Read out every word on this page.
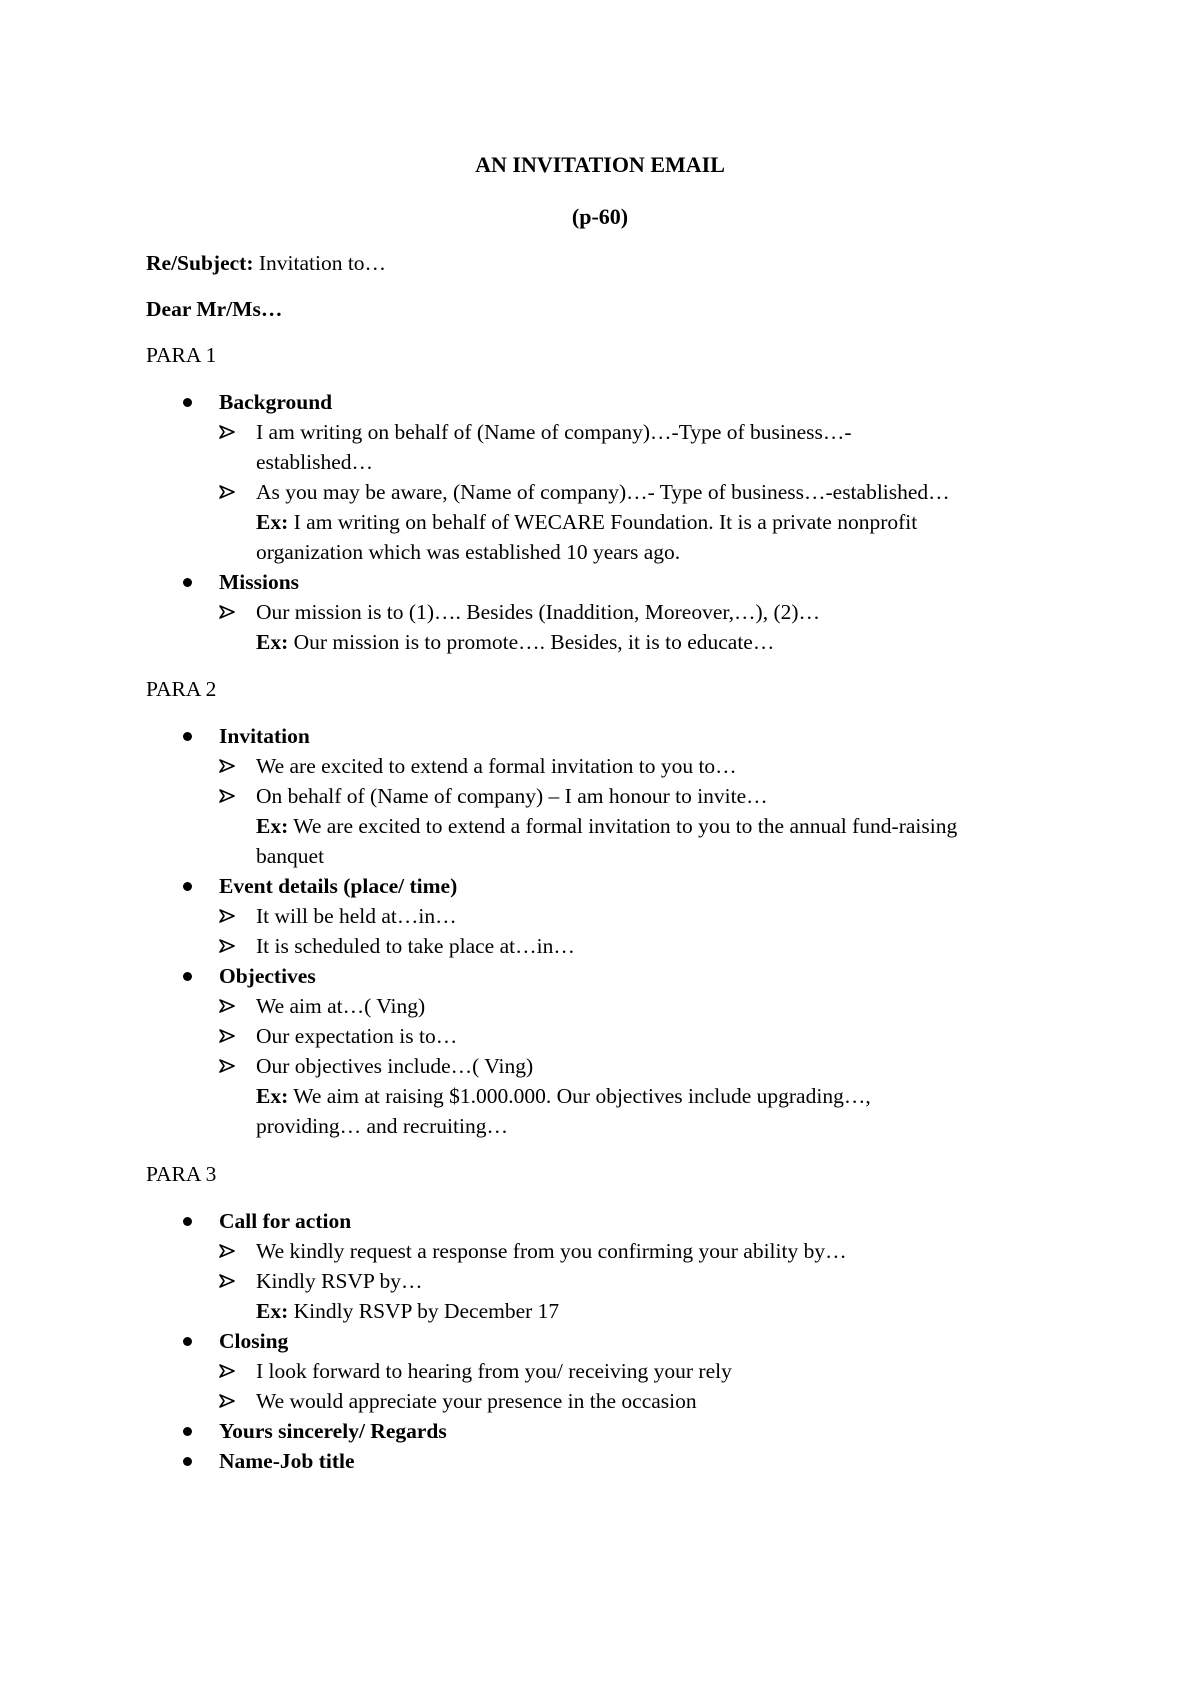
AN INVITATION EMAIL
(p-60)
Re/Subject: Invitation to…
Dear Mr/Ms…
PARA 1
Background
I am writing on behalf of (Name of company)…-Type of business…-
established…
As you may be aware, (Name of company)…- Type of business…-established…
Ex: I am writing on behalf of WECARE Foundation. It is a private nonprofit
organization which was established 10 years ago.
Missions
Our mission is to (1)…. Besides (Inaddition, Moreover,…), (2)…
Ex: Our mission is to promote…. Besides, it is to educate…
PARA 2
Invitation
We are excited to extend a formal invitation to you to…
On behalf of (Name of company) – I am honour to invite…
Ex: We are excited to extend a formal invitation to you to the annual fund-raising
banquet
Event details (place/ time)
It will be held at…in…
It is scheduled to take place at…in…
Objectives
We aim at…( Ving)
Our expectation is to…
Our objectives include…( Ving)
Ex: We aim at raising $1.000.000. Our objectives include upgrading…,
providing… and recruiting…
PARA 3
Call for action
We kindly request a response from you confirming your ability by…
Kindly RSVP by…
Ex: Kindly RSVP by December 17
Closing
I look forward to hearing from you/ receiving your rely
We would appreciate your presence in the occasion
Yours sincerely/ Regards
Name-Job title
